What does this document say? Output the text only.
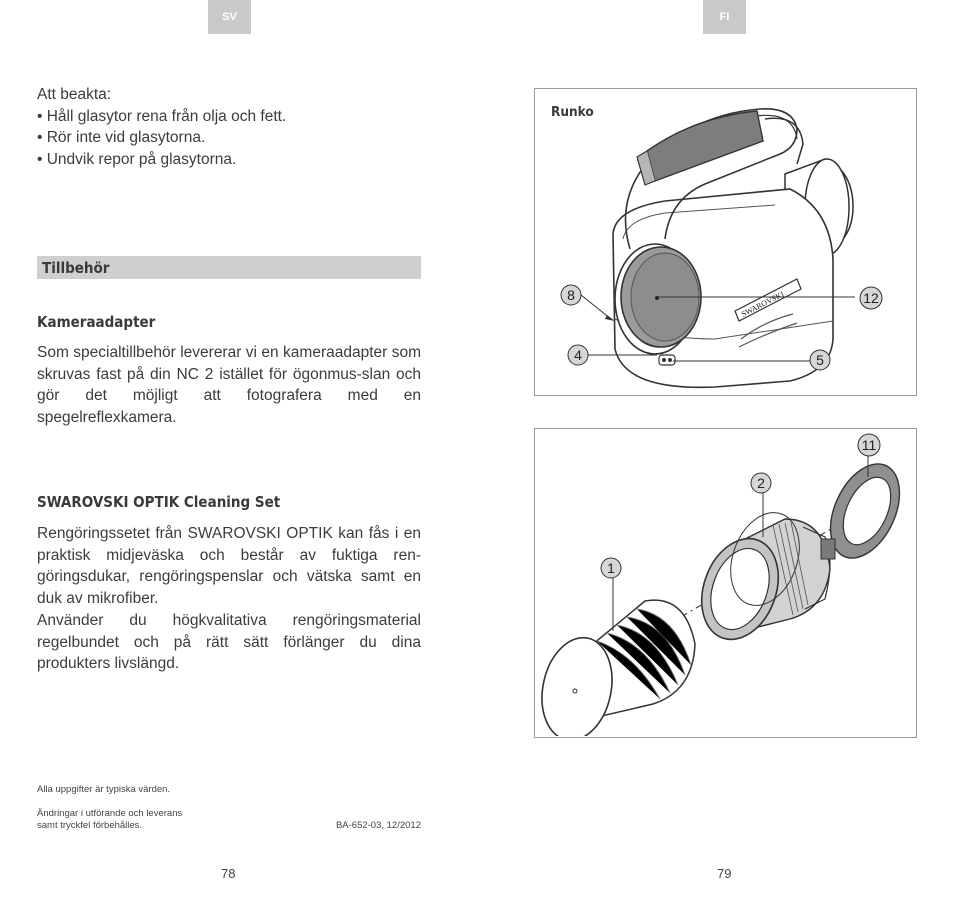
SV	FI
Att beakta:
• Håll glasytor rena från olja och fett.
• Rör inte vid glasytorna.
• Undvik repor på glasytorna.
Tillbehör
Kameraadapter
Som specialtillbehör levererar vi en kameraadapter som skruvas fast på din NC 2 istället för ögonmus-slan och gör det möjligt att fotografera med en spegelreflexkamera.
SWAROVSKI OPTIK Cleaning Set
Rengöringssetet från SWAROVSKI OPTIK kan fås i en praktisk midjeväska och består av fuktiga ren-göringsdukar, rengöringspenslar och vätska samt en duk av mikrofiber.
Använder du högkvalitativa rengöringsmaterial regelbundet och på rätt sätt förlänger du dina produkters livslängd.
Alla uppgifter är typiska värden.
Ändringar i utförande och leverans
samt tryckfel förbehålles.	BA-652-03, 12/2012
78	79
Runko
SWAROVSKI
8	12
4	5
11
2
1
